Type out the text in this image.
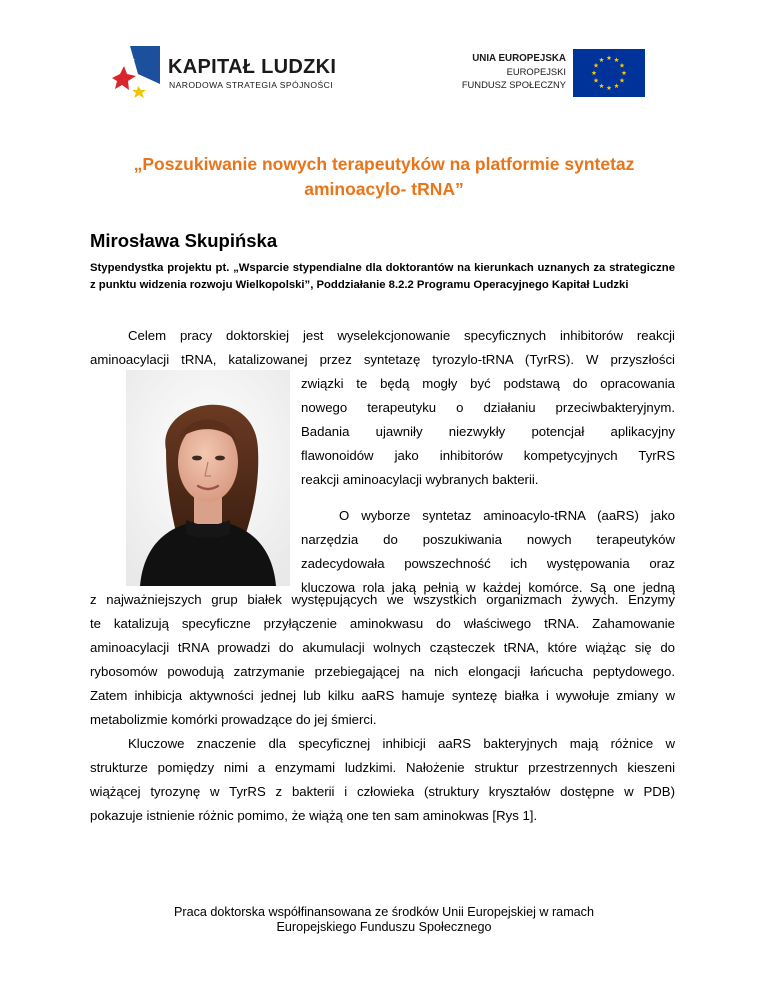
KAPITAŁ LUDZKI
NARODOWA STRATEGIA SPÓJNOŚCI
UNIA EUROPEJSKA
EUROPEJSKI
FUNDUSZ SPOŁECZNY
„Poszukiwanie nowych terapeutyków na platformie syntetaz
aminoacylo- tRNA”
Mirosława Skupińska
Stypendystka projektu pt. „Wsparcie stypendialne dla doktorantów na kierunkach uznanych za strategiczne z punktu widzenia rozwoju Wielkopolski”, Poddziałanie 8.2.2 Programu Operacyjnego Kapitał Ludzki
Celem pracy doktorskiej jest wyselekcjonowanie specyficznych inhibitorów reakcji
aminoacylacji tRNA, katalizowanej przez syntetazę tyrozylo-tRNA (TyrRS). W przyszłości
związki te będą mogły być podstawą do opracowania
nowego terapeutyku o działaniu przeciwbakteryjnym.
Badania ujawniły niezwykły potencjał aplikacyjny
flawonoidów jako inhibitorów kompetycyjnych TyrRS
reakcji aminoacylacji wybranych bakterii.
O wyborze syntetaz aminoacylo-tRNA (aaRS) jako
narzędzia do poszukiwania nowych terapeutyków
zadecydowała powszechność ich występowania oraz
kluczowa rola jaką pełnią w każdej komórce. Są one jedną
z najważniejszych grup białek występujących we wszystkich organizmach żywych. Enzymy
te katalizują specyficzne przyłączenie aminokwasu do właściwego tRNA. Zahamowanie
aminoacylacji tRNA prowadzi do akumulacji wolnych cząsteczek tRNA, które wiążąc się do
rybosomów powodują zatrzymanie przebiegającej na nich elongacji łańcucha peptydowego.
Zatem inhibicja aktywności jednej lub kilku aaRS hamuje syntezę białka i wywołuje zmiany w
metabolizmie komórki prowadzące do jej śmierci.
Kluczowe znaczenie dla specyficznej inhibicji aaRS bakteryjnych mają różnice w
strukturze pomiędzy nimi a enzymami ludzkimi. Nałożenie struktur przestrzennych kieszeni
wiążącej tyrozynę w TyrRS z bakterii i człowieka (struktury kryształów dostępne w PDB)
pokazuje istnienie różnic pomimo, że wiążą one ten sam aminokwas [Rys 1].
Praca doktorska współfinansowana ze środków Unii Europejskiej w ramach
Europejskiego Funduszu Społecznego
